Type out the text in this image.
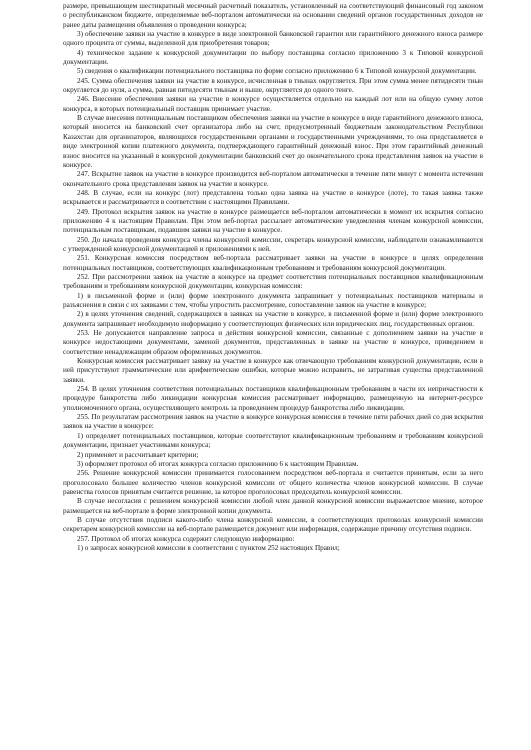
размере, превышающем шестикратный месячный расчетный показатель, установленный на соответствующий финансовый год законом о республиканском бюджете, определяемые веб-порталом автоматически на основании сведений органов государственных доходов не ранее даты размещения объявления о проведении конкурса;

3) обеспечение заявки на участие в конкурсе в виде электронной банковской гарантии или гарантийного денежного взноса размере одного процента от суммы, выделенной для приобретения товаров;

4) техническое задание к конкурсной документации по выбору поставщика согласно приложению 3 к Типовой конкурсной документации.

5) сведения о квалификации потенциального поставщика по форме согласно приложению 6 к Типовой конкурсной документации.

245. Сумма обеспечения заявки на участие в конкурсе, исчисленная в тиынах округляется. При этом сумма менее пятидесяти тиын округляется до нуля, а сумма, равная пятидесяти тиынам и выше, округляется до одного тенге.

246. Внесение обеспечения заявки на участие в конкурсе осуществляется отдельно на каждый лот или на общую сумму лотов конкурса, в которых потенциальный поставщик принимает участие.

В случае внесения потенциальным поставщиком обеспечения заявки на участие в конкурсе в виде гарантийного денежного взноса, который вносится на банковский счет организатора либо на счет, предусмотренный бюджетным законодательством Республики Казахстан для организаторов, являющихся государственными органами и государственными учреждениями, то она представляется в виде электронной копии платежного документа, подтверждающего гарантийный денежный взнос. При этом гарантийный денежный взнос вносится на указанный в конкурсной документации банковский счет до окончательного срока представления заявок на участие в конкурсе.

247. Вскрытие заявок на участие в конкурсе производится веб-порталом автоматически в течение пяти минут с момента истечения окончательного срока представления заявок на участие в конкурсе.

248. В случае, если на конкурс (лот) представлена только одна заявка на участие в конкурсе (лоте), то такая заявка также вскрывается и рассматривается в соответствии с настоящими Правилами.

249. Протокол вскрытия заявок на участие в конкурсе размещается веб-порталом автоматически в момент их вскрытия согласно приложению 4 к настоящим Правилам. При этом веб-портал рассылает автоматические уведомления членам конкурсной комиссии, потенциальным поставщикам, подавшим заявки на участие в конкурсе.

250. До начала проведения конкурса члены конкурсной комиссии, секретарь конкурсной комиссии, наблюдатели ознакамливаются с утвержденной конкурсной документацией и приложениями к ней.

251. Конкурсная комиссия посредством веб-портала рассматривает заявки на участие в конкурсе в целях определения потенциальных поставщиков, соответствующих квалификационным требованиям и требованиям конкурсной документации.

252. При рассмотрении заявок на участие в конкурсе на предмет соответствия потенциальных поставщиков квалификационным требованиям и требованиям конкурсной документации, конкурсная комиссия:

1) в письменной форме и (или) форме электронного документа запрашивает у потенциальных поставщиков материалы и разъяснения в связи с их заявками с тем, чтобы упростить рассмотрение, сопоставление заявок на участие в конкурсе;

2) в целях уточнения сведений, содержащихся в заявках на участие в конкурсе, в письменной форме и (или) форме электронного документа запрашивает необходимую информацию у соответствующих физических или юридических лиц, государственных органов.

253. Не допускаются направление запроса и действия конкурсной комиссии, связанные с дополнением заявки на участие в конкурсе недостающими документами, заменой документов, представленных в заявке на участие в конкурсе, приведением в соответствие ненадлежащим образом оформленных документов.

Конкурсная комиссия рассматривает заявку на участие в конкурсе как отвечающую требованиям конкурсной документации, если в ней присутствуют грамматические или арифметические ошибки, которые можно исправить, не затрагивая существа представленной заявки.

254. В целях уточнения соответствия потенциальных поставщиков квалификационным требованиям в части их непричастности к процедуре банкротства либо ликвидации конкурсная комиссия рассматривает информацию, размещенную на интернет-ресурсе уполномоченного органа, осуществляющего контроль за проведением процедур банкротства либо ликвидации.

255. По результатам рассмотрения заявок на участие в конкурсе конкурсная комиссия в течение пяти рабочих дней со дня вскрытия заявок на участие в конкурсе:

1) определяет потенциальных поставщиков, которые соответствуют квалификационным требованиям и требованиям конкурсной документации, признает участниками конкурса;

2) применяет и рассчитывает критерии;

3) оформляет протокол об итогах конкурса согласно приложению 6 к настоящим Правилам.

256. Решение конкурсной комиссии принимается голосованием посредством веб-портала и считается принятым, если за него проголосовало большее количество членов конкурсной комиссии от общего количества членов конкурсной комиссии. В случае равенства голосов принятым считается решение, за которое проголосовал председатель конкурсной комиссии.

В случае несогласия с решением конкурсной комиссии любой член данной конкурсной комиссии выражаетсвое мнение, которое размещается на веб-портале в форме электронной копии документа.

В случае отсутствия подписи какого-либо члена конкурсной комиссии, в соответствующих протоколах конкурсной комиссии секретарем конкурсной комиссии на веб-портале размещается документ или информация, содержащие причину отсутствия подписи.

257. Протокол об итогах конкурса содержит следующую информацию:

1) о запросах конкурсной комиссии в соответствии с пунктом 252 настоящих Правил;
